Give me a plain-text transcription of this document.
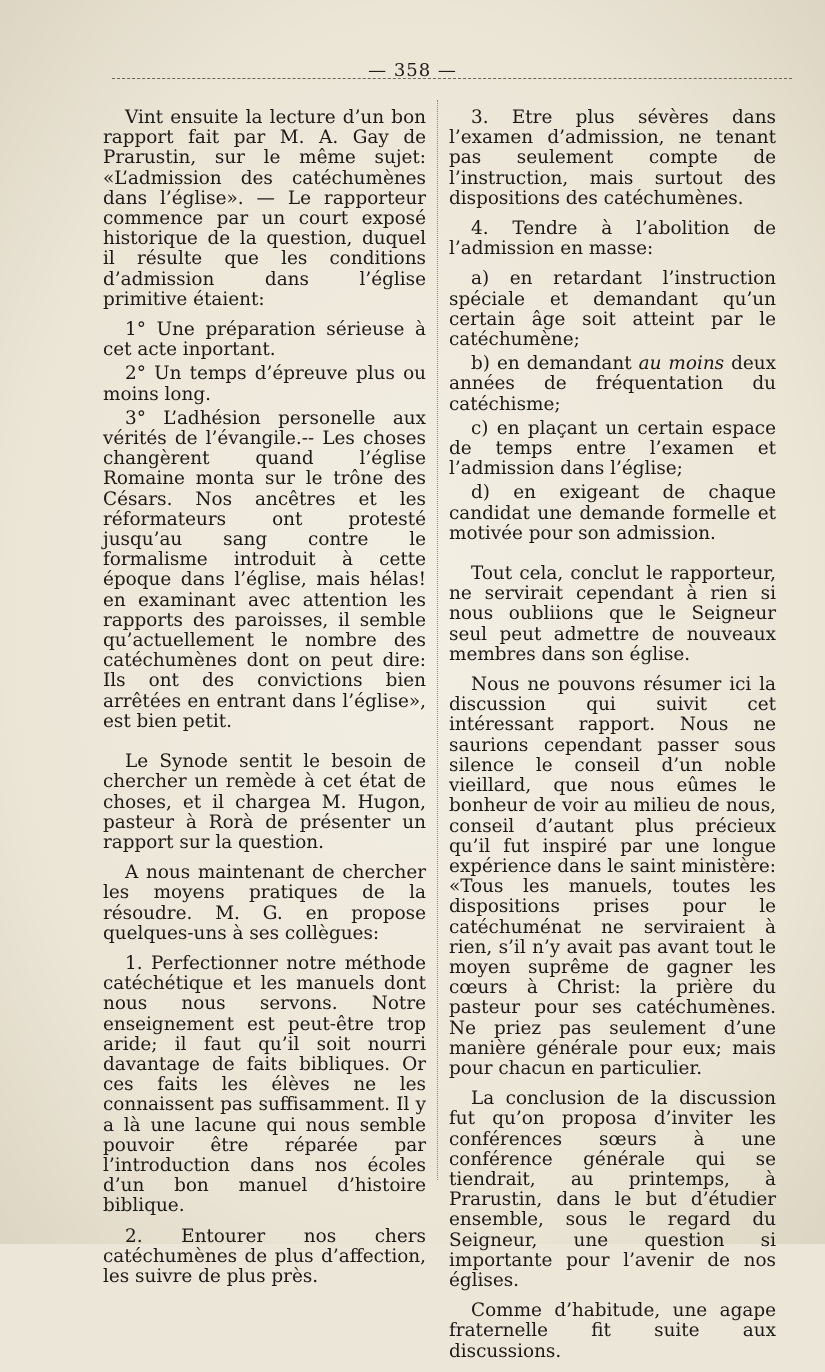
— 358 —

Vint ensuite la lecture d’un bon rapport fait par M. A. Gay de Prarustin, sur le même sujet: «L’admission des catéchumènes dans l’église». — Le rapporteur commence par un court exposé historique de la question, duquel il résulte que les conditions d’admission dans l’église primitive étaient:

1° Une préparation sérieuse à cet acte inportant.

2° Un temps d’épreuve plus ou moins long.

3° L’adhésion personelle aux vérités de l’évangile.-- Les choses changèrent quand l’église Romaine monta sur le trône des Césars. Nos ancêtres et les réformateurs ont protesté jusqu’au sang contre le formalisme introduit à cette époque dans l’église, mais hélas! en examinant avec attention les rapports des paroisses, il semble qu’actuellement le nombre des catéchumènes dont on peut dire: Ils ont des convictions bien arrêtées en entrant dans l’église», est bien petit.

Le Synode sentit le besoin de chercher un remède à cet état de choses, et il chargea M. Hugon, pasteur à Rorà de présenter un rapport sur la question.

A nous maintenant de chercher les moyens pratiques de la résoudre. M. G. en propose quelques-uns à ses collègues:

1. Perfectionner notre méthode catéchétique et les manuels dont nous nous servons. Notre enseignement est peut-être trop aride; il faut qu’il soit nourri davantage de faits bibliques. Or ces faits les élèves ne les connaissent pas suffisamment. Il y a là une lacune qui nous semble pouvoir être réparée par l’introduction dans nos écoles d’un bon manuel d’histoire biblique.

2. Entourer nos chers catéchumènes de plus d’affection, les suivre de plus près.

3. Etre plus sévères dans l’examen d’admission, ne tenant pas seulement compte de l’instruction, mais surtout des dispositions des catéchumènes.

4. Tendre à l’abolition de l’admission en masse:

a) en retardant l’instruction spéciale et demandant qu’un certain âge soit atteint par le catéchumène;

b) en demandant au moins deux années de fréquentation du catéchisme;

c) en plaçant un certain espace de temps entre l’examen et l’admission dans l’église;

d) en exigeant de chaque candidat une demande formelle et motivée pour son admission.

Tout cela, conclut le rapporteur, ne servirait cependant à rien si nous oubliions que le Seigneur seul peut admettre de nouveaux membres dans son église.

Nous ne pouvons résumer ici la discussion qui suivit cet intéressant rapport. Nous ne saurions cependant passer sous silence le conseil d’un noble vieillard, que nous eûmes le bonheur de voir au milieu de nous, conseil d’autant plus précieux qu’il fut inspiré par une longue expérience dans le saint ministère: «Tous les manuels, toutes les dispositions prises pour le catéchuménat ne serviraient à rien, s’il n’y avait pas avant tout le moyen suprême de gagner les cœurs à Christ: la prière du pasteur pour ses catéchumènes. Ne priez pas seulement d’une manière générale pour eux; mais pour chacun en particulier.

La conclusion de la discussion fut qu’on proposa d’inviter les conférences sœurs à une conférence générale qui se tiendrait, au printemps, à Prarustin, dans le but d’étudier ensemble, sous le regard du Seigneur, une question si importante pour l’avenir de nos églises.

Comme d’habitude, une agape fraternelle fit suite aux discussions.
